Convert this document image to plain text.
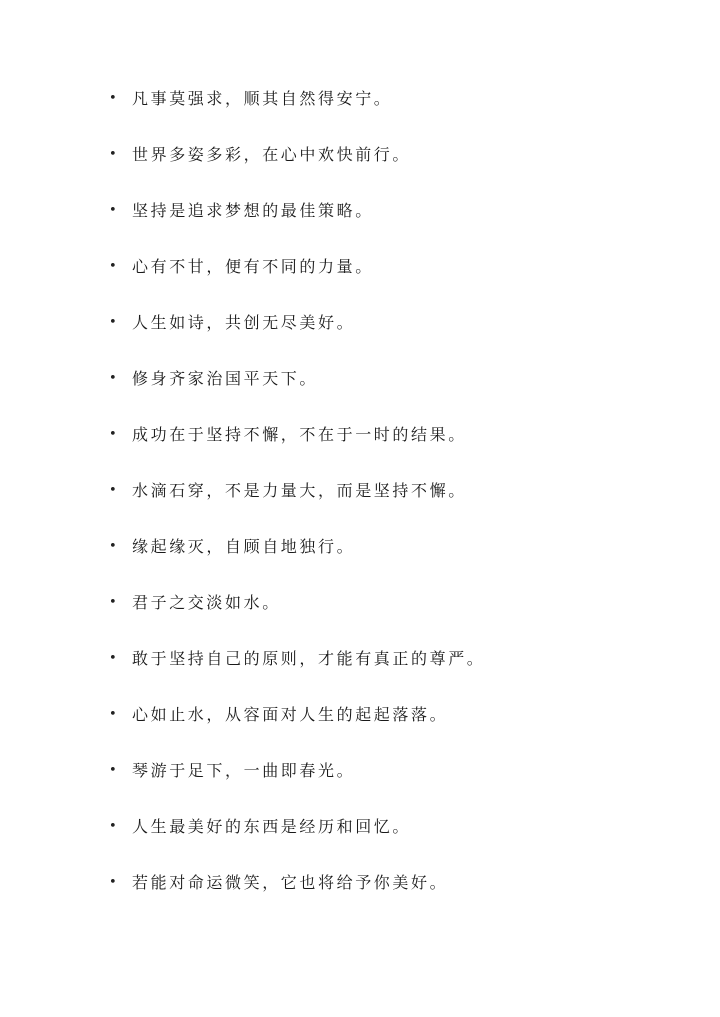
• 凡事莫强求，顺其自然得安宁。
• 世界多姿多彩，在心中欢快前行。
• 坚持是追求梦想的最佳策略。
• 心有不甘，便有不同的力量。
• 人生如诗，共创无尽美好。
• 修身齐家治国平天下。
• 成功在于坚持不懈，不在于一时的结果。
• 水滴石穿，不是力量大，而是坚持不懈。
• 缘起缘灭，自顾自地独行。
• 君子之交淡如水。
• 敢于坚持自己的原则，才能有真正的尊严。
• 心如止水，从容面对人生的起起落落。
• 琴游于足下，一曲即春光。
• 人生最美好的东西是经历和回忆。
• 若能对命运微笑，它也将给予你美好。
